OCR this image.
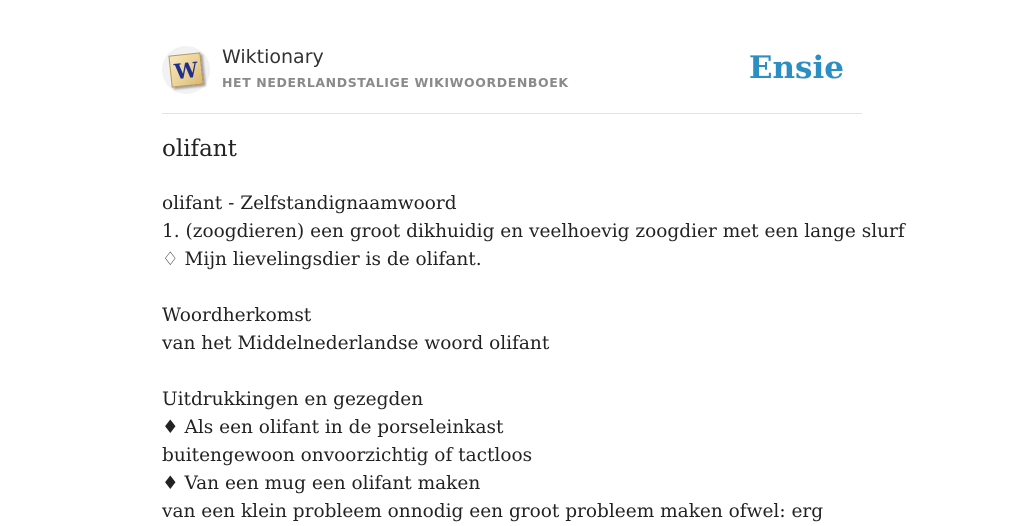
W Wiktionary
HET NEDERLANDSTALIGE WIKIWOORDENBOEK	Ensie
olifant
olifant - Zelfstandignaamwoord
1. (zoogdieren) een groot dikhuidig en veelhoevig zoogdier met een lange slurf
♢ Mijn lievelingsdier is de olifant.
Woordherkomst
van het Middelnederlandse woord olifant
Uitdrukkingen en gezegden
♦ Als een olifant in de porseleinkast
buitengewoon onvoorzichtig of tactloos
♦ Van een mug een olifant maken
van een klein probleem onnodig een groot probleem maken ofwel: erg
